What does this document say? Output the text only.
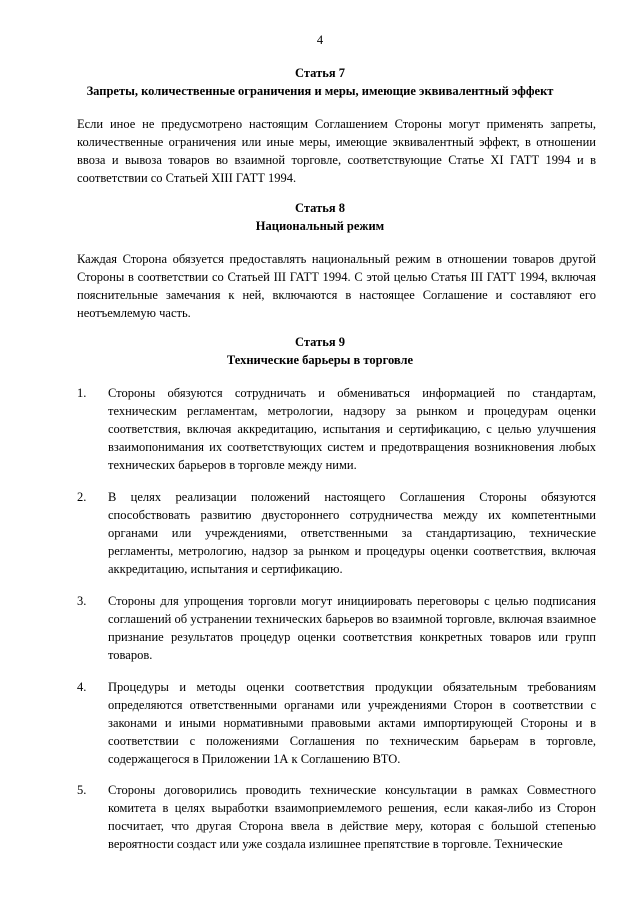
4
Статья 7
Запреты, количественные ограничения и меры, имеющие эквивалентный эффект
Если иное не предусмотрено настоящим Соглашением Стороны могут применять запреты, количественные ограничения или иные меры, имеющие эквивалентный эффект, в отношении ввоза и вывоза товаров во взаимной торговле, соответствующие Статье XI ГАТТ 1994 и в соответствии со Статьей XIII ГАТТ 1994.
Статья 8
Национальный режим
Каждая Сторона обязуется предоставлять национальный режим в отношении товаров другой Стороны в соответствии со Статьей III ГАТТ 1994. С этой целью Статья III ГАТТ 1994, включая пояснительные замечания к ней, включаются в настоящее Соглашение и составляют его неотъемлемую часть.
Статья 9
Технические барьеры в торговле
1. Стороны обязуются сотрудничать и обмениваться информацией по стандартам, техническим регламентам, метрологии, надзору за рынком и процедурам оценки соответствия, включая аккредитацию, испытания и сертификацию, с целью улучшения взаимопонимания их соответствующих систем и предотвращения возникновения любых технических барьеров в торговле между ними.
2. В целях реализации положений настоящего Соглашения Стороны обязуются способствовать развитию двустороннего сотрудничества между их компетентными органами или учреждениями, ответственными за стандартизацию, технические регламенты, метрологию, надзор за рынком и процедуры оценки соответствия, включая аккредитацию, испытания и сертификацию.
3. Стороны для упрощения торговли могут инициировать переговоры с целью подписания соглашений об устранении технических барьеров во взаимной торговле, включая взаимное признание результатов процедур оценки соответствия конкретных товаров или групп товаров.
4. Процедуры и методы оценки соответствия продукции обязательным требованиям определяются ответственными органами или учреждениями Сторон в соответствии с законами и иными нормативными правовыми актами импортирующей Стороны и в соответствии с положениями Соглашения по техническим барьерам в торговле, содержащегося в Приложении 1А к Соглашению ВТО.
5. Стороны договорились проводить технические консультации в рамках Совместного комитета в целях выработки взаимоприемлемого решения, если какая-либо из Сторон посчитает, что другая Сторона ввела в действие меру, которая с большой степенью вероятности создаст или уже создала излишнее препятствие в торговле. Технические
